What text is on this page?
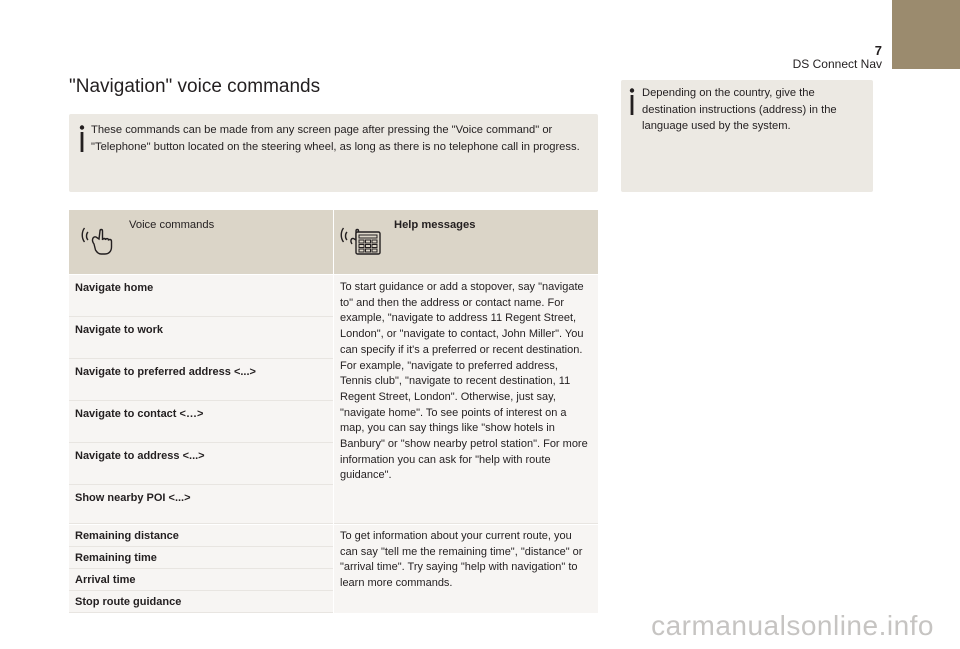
7
DS Connect Nav
"Navigation" voice commands
These commands can be made from any screen page after pressing the "Voice command" or "Telephone" button located on the steering wheel, as long as there is no telephone call in progress.
Depending on the country, give the destination instructions (address) in the language used by the system.
Voice commands	Help messages
Navigate home
Navigate to work
Navigate to preferred address <...>
Navigate to contact <…>
Navigate to address <...>
Show nearby POI <...>
Remaining distance
Remaining time
Arrival time
Stop route guidance
To start guidance or add a stopover, say "navigate to" and then the address or contact name. For example, "navigate to address 11 Regent Street, London", or "navigate to contact, John Miller". You can specify if it's a preferred or recent destination. For example, "navigate to preferred address, Tennis club", "navigate to recent destination, 11 Regent Street, London". Otherwise, just say, "navigate home". To see points of interest on a map, you can say things like "show hotels in Banbury" or "show nearby petrol station". For more information you can ask for "help with route guidance".
To get information about your current route, you can say "tell me the remaining time", "distance" or "arrival time". Try saying "help with navigation" to learn more commands.
carmanualsonline.info
